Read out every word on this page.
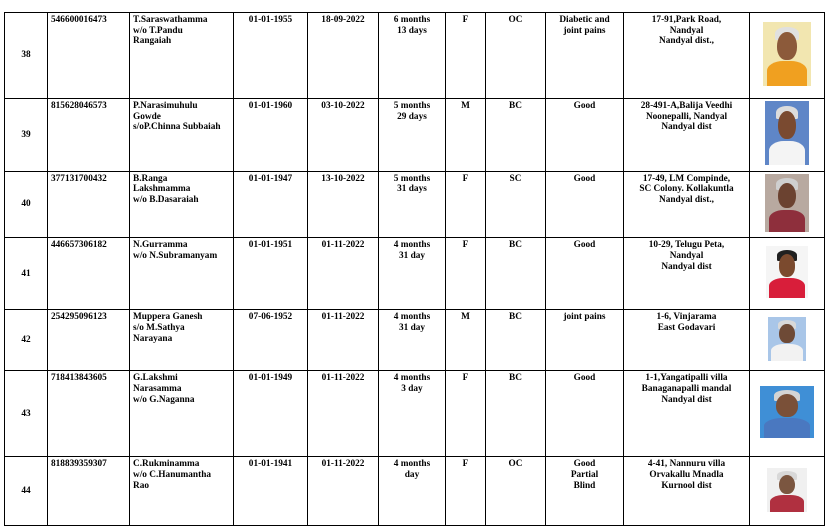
38	546600016473	T.Saraswathamma
w/o T.Pandu
Rangaiah	01-01-1955	18-09-2022	6 months
13 days	F	OC	Diabetic and
joint pains	17-91,Park Road,
Nandyal
Nandyal dist.,	

39	815628046573	P.Narasimuhulu
Gowde
s/oP.Chinna Subbaiah	01-01-1960	03-10-2022	5 months
29 days	M	BC	Good	28-491-A,Balija Veedhi
Noonepalli, Nandyal
Nandyal dist	

40	377131700432	B.Ranga
Lakshmamma
w/o B.Dasaraiah	01-01-1947	13-10-2022	5 months
31 days	F	SC	Good	17-49, LM Compinde,
SC Colony. Kollakuntla
Nandyal dist.,	

41	446657306182	N.Gurramma
w/o N.Subramanyam	01-01-1951	01-11-2022	4 months
31 day	F	BC	Good	10-29, Telugu Peta,
Nandyal
Nandyal dist	

42	254295096123	Muppera Ganesh
s/o M.Sathya
Narayana	07-06-1952	01-11-2022	4 months
31 day	M	BC	joint pains	1-6, Vinjarama
East Godavari	

43	718413843605	G.Lakshmi
Narasamma
w/o G.Naganna	01-01-1949	01-11-2022	4 months
3 day	F	BC	Good	1-1,Yangatipalli villa
Banaganapalli mandal
Nandyal dist	

44	818839359307	C.Rukminamma
w/o C.Hanumantha
Rao	01-01-1941	01-11-2022	4 months
day	F	OC	Good
Partial
Blind	4-41, Nannuru villa
Orvakallu Mnadla
Kurnool dist	
